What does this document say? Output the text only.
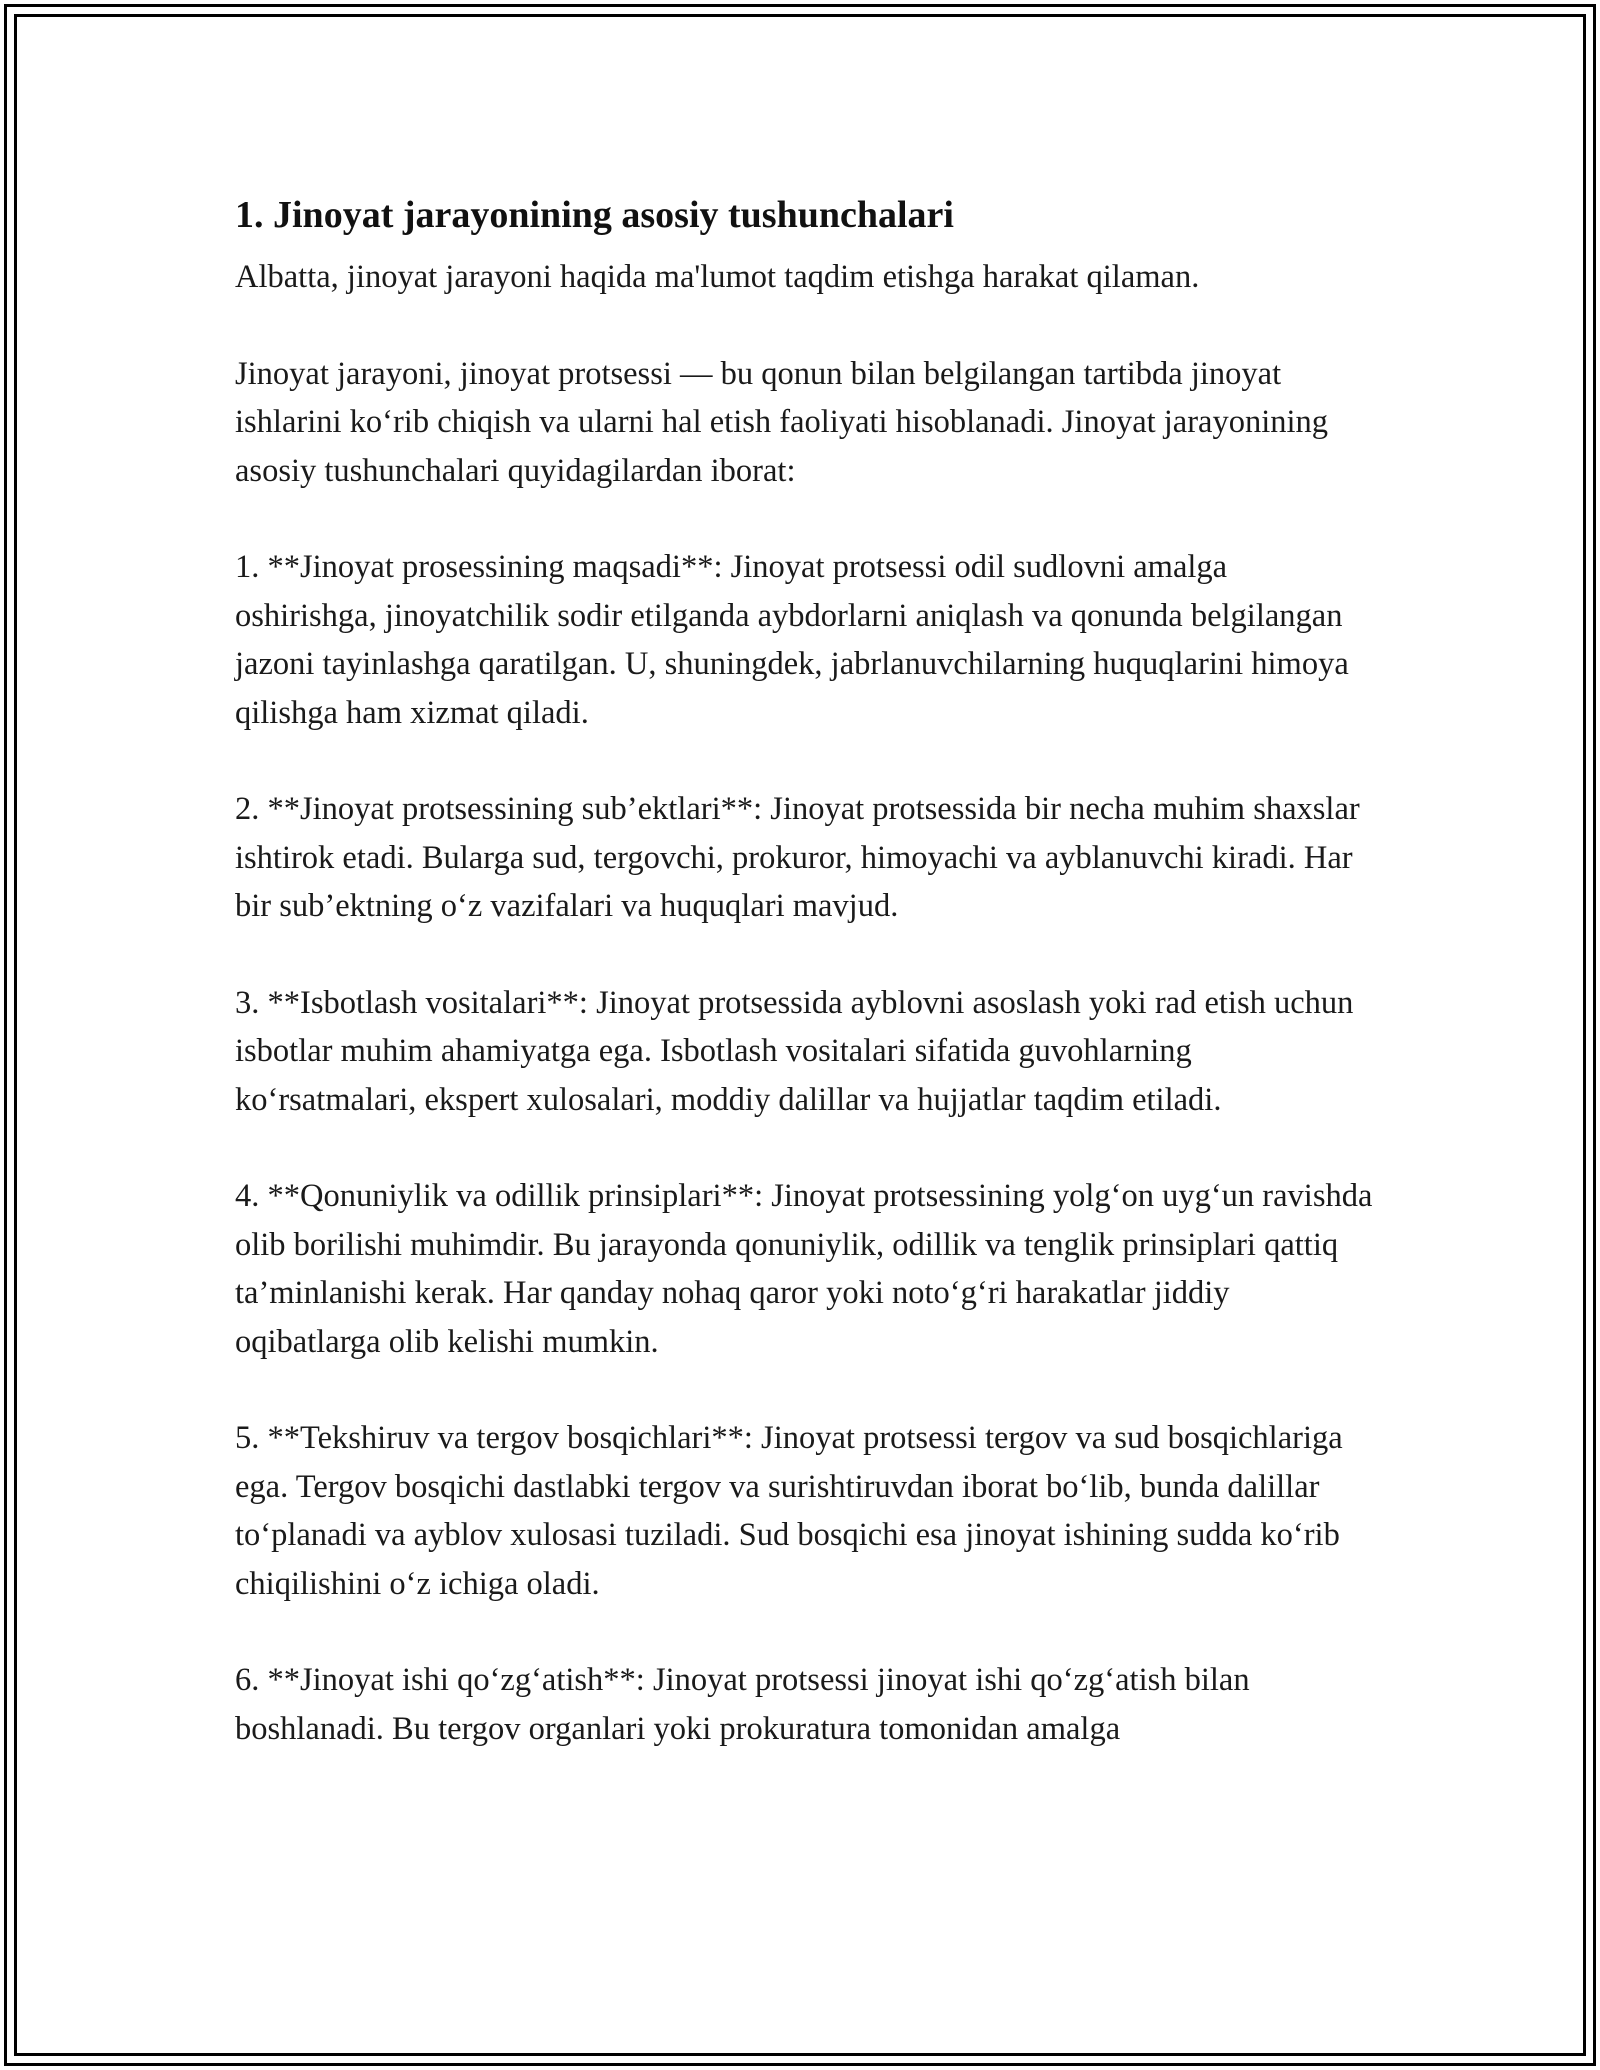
1. Jinoyat jarayonining asosiy tushunchalari

Albatta, jinoyat jarayoni haqida ma'lumot taqdim etishga harakat qilaman.

Jinoyat jarayoni, jinoyat protsessi — bu qonun bilan belgilangan tartibda jinoyat ishlarini ko‘rib chiqish va ularni hal etish faoliyati hisoblanadi. Jinoyat jarayonining asosiy tushunchalari quyidagilardan iborat:

1. **Jinoyat prosessining maqsadi**: Jinoyat protsessi odil sudlovni amalga oshirishga, jinoyatchilik sodir etilganda aybdorlarni aniqlash va qonunda belgilangan jazoni tayinlashga qaratilgan. U, shuningdek, jabrlanuvchilarning huquqlarini himoya qilishga ham xizmat qiladi.

2. **Jinoyat protsessining sub’ektlari**: Jinoyat protsessida bir necha muhim shaxslar ishtirok etadi. Bularga sud, tergovchi, prokuror, himoyachi va ayblanuvchi kiradi. Har bir sub’ektning o‘z vazifalari va huquqlari mavjud.

3. **Isbotlash vositalari**: Jinoyat protsessida ayblovni asoslash yoki rad etish uchun isbotlar muhim ahamiyatga ega. Isbotlash vositalari sifatida guvohlarning ko‘rsatmalari, ekspert xulosalari, moddiy dalillar va hujjatlar taqdim etiladi.

4. **Qonuniylik va odillik prinsiplari**: Jinoyat protsessining yolg‘on uyg‘un ravishda olib borilishi muhimdir. Bu jarayonda qonuniylik, odillik va tenglik prinsiplari qattiq ta’minlanishi kerak. Har qanday nohaq qaror yoki noto‘g‘ri harakatlar jiddiy oqibatlarga olib kelishi mumkin.

5. **Tekshiruv va tergov bosqichlari**: Jinoyat protsessi tergov va sud bosqichlariga ega. Tergov bosqichi dastlabki tergov va surishtiruvdan iborat bo‘lib, bunda dalillar to‘planadi va ayblov xulosasi tuziladi. Sud bosqichi esa jinoyat ishining sudda ko‘rib chiqilishini o‘z ichiga oladi.

6. **Jinoyat ishi qo‘zg‘atish**: Jinoyat protsessi jinoyat ishi qo‘zg‘atish bilan boshlanadi. Bu tergov organlari yoki prokuratura tomonidan amalga
